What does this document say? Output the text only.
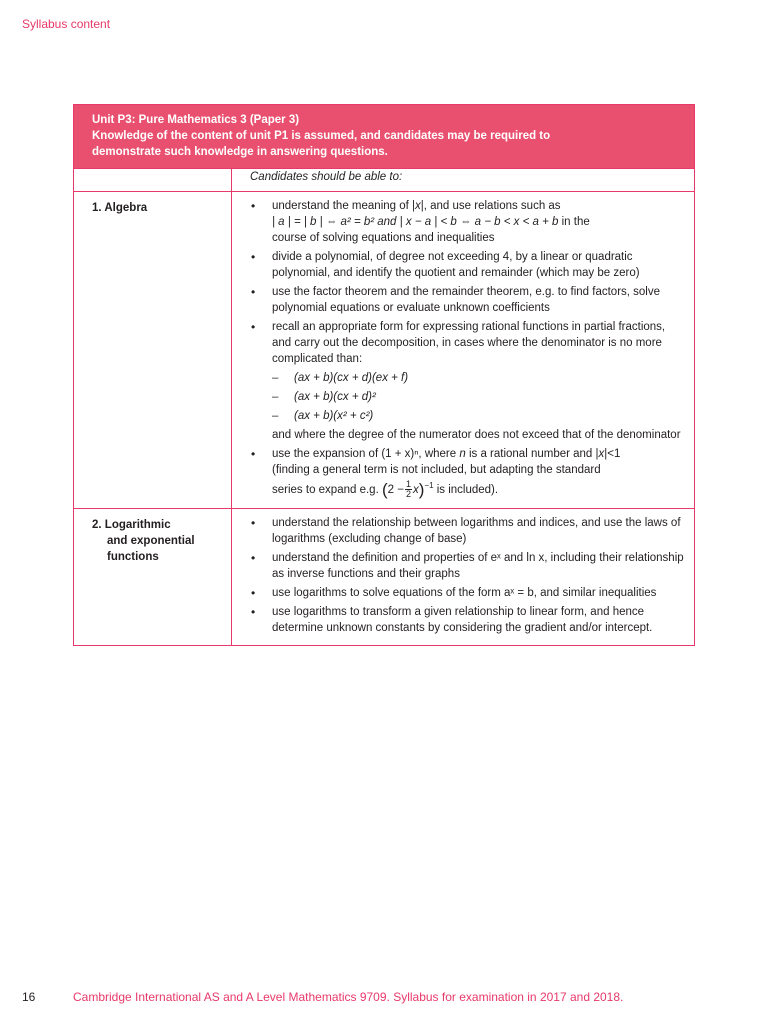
Syllabus content
Unit P3: Pure Mathematics 3 (Paper 3)
Knowledge of the content of unit P1 is assumed, and candidates may be required to
demonstrate such knowledge in answering questions.
Candidates should be able to:
1. Algebra
•	understand the meaning of |x|, and use relations such as
| a | = | b | ⇔ a² = b² and | x − a | < b ⇔ a − b < x < a + b in the
course of solving equations and inequalities
• divide a polynomial, of degree not exceeding 4, by a linear or quadratic polynomial, and identify the quotient and remainder (which may be zero)
• use the factor theorem and the remainder theorem, e.g. to find factors, solve polynomial equations or evaluate unknown coefficients
• recall an appropriate form for expressing rational functions in partial fractions, and carry out the decomposition, in cases where the denominator is no more complicated than:
– (ax + b)(cx + d)(ex + f)
– (ax + b)(cx + d)²
– (ax + b)(x² + c²)
and where the degree of the numerator does not exceed that of the denominator
• use the expansion of (1 + x)ⁿ, where n is a rational number and |x|<1
(finding a general term is not included, but adapting the standard
series to expand e.g. $(2 - \frac{1}{2} x)^{-1}$ is included).
2. Logarithmic
and exponential
functions
• understand the relationship between logarithms and indices, and use the laws of logarithms (excluding change of base)
• understand the definition and properties of eˣ and ln x, including their relationship as inverse functions and their graphs
• use logarithms to solve equations of the form aˣ = b, and similar inequalities
• use logarithms to transform a given relationship to linear form, and hence determine unknown constants by considering the gradient and/or intercept.
16	Cambridge International AS and A Level Mathematics 9709. Syllabus for examination in 2017 and 2018.
